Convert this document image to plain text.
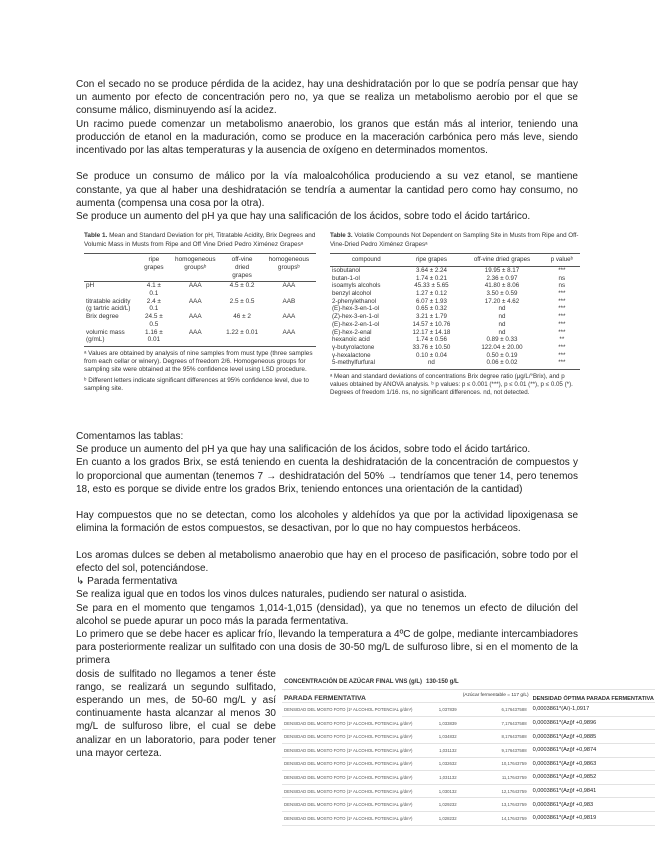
Con el secado no se produce pérdida de la acidez, hay una deshidratación por lo que se podría pensar que hay un aumento por efecto de concentración pero no, ya que se realiza un metabolismo aerobio por el que se consume málico, disminuyendo así la acidez.

Un racimo puede comenzar un metabolismo anaerobio, los granos que están más al interior, teniendo una producción de etanol en la maduración, como se produce en la maceración carbónica pero más leve, siendo incentivado por las altas temperaturas y la ausencia de oxígeno en determinados momentos.

Se produce un consumo de málico por la vía maloalcohólica produciendo a su vez etanol, se mantiene constante, ya que al haber una deshidratación se tendría a aumentar la cantidad pero como hay consumo, no aumenta (compensa una cosa por la otra).

Se produce un aumento del pH ya que hay una salificación de los ácidos, sobre todo el ácido tartárico.

Table 1. Mean and Standard Deviation for pH, Titratable Acidity, Brix Degrees and Volumic Mass in Musts from Ripe and Off Vine Dried Pedro Ximénez Grapesᵃ
	ripe grapes	homogeneous groupsᵇ	off-vine dried grapes	homogeneous groupsᵇ
pH	4.1 ± 0.1	AAA	4.5 ± 0.2	AAA
titratable acidity (g tartric acid/L)	2.4 ± 0.1	AAA	2.5 ± 0.5	AAB
Brix degree	24.5 ± 0.5	AAA	46 ± 2	AAA
volumic mass (g/mL)	1.16 ± 0.01	AAA	1.22 ± 0.01	AAA
ᵃ Values are obtained by analysis of nine samples from must type (three samples from each cellar or winery). Degrees of freedom 2/6. Homogeneous groups for sampling site were obtained at the 95% confidence level using LSD procedure.
ᵇ Different letters indicate significant differences at 95% confidence level, due to sampling site.
Table 3. Volatile Compounds Not Dependent on Sampling Site in Musts from Ripe and Off-Vine-Dried Pedro Ximénez Grapesᵃ
compound	ripe grapes	off-vine dried grapes	p valueᵇ
isobutanol	3.64 ± 2.24	19.95 ± 8.17	***
butan-1-ol	1.74 ± 0.21	2.36 ± 0.97	ns
isoamyls alcohols	45.33 ± 5.65	41.80 ± 8.06	ns
benzyl alcohol	1.27 ± 0.12	3.50 ± 0.59	***
2-phenylethanol	6.07 ± 1.93	17.20 ± 4.62	***
(E)-hex-3-en-1-ol	0.65 ± 0.32	nd	***
(Z)-hex-3-en-1-ol	3.21 ± 1.79	nd	***
(E)-hex-2-en-1-ol	14.57 ± 10.76	nd	***
(E)-hex-2-enal	12.17 ± 14.18	nd	***
hexanoic acid	1.74 ± 0.56	0.89 ± 0.33	**
γ-butyrolactone	33.76 ± 10.50	122.04 ± 20.00	***
γ-hexalactone	0.10 ± 0.04	0.50 ± 0.19	***
5-methylfurfural	nd	0.06 ± 0.02	***
ᵃ Mean and standard deviations of concentrations Brix degree ratio (μg/L/°Brix), and p values obtained by ANOVA analysis. ᵇ p values: p ≤ 0.001 (***), p ≤ 0.01 (**), p ≤ 0.05 (*). Degrees of freedom 1/16. ns, no significant differences. nd, not detected.

Comentamos las tablas:

Se produce un aumento del pH ya que hay una salificación de los ácidos, sobre todo el ácido tartárico.

En cuanto a los grados Brix, se está teniendo en cuenta la deshidratación de la concentración de compuestos y lo proporcional que aumentan (tenemos 7 → deshidratación del 50% → tendríamos que tener 14, pero tenemos 18, esto es porque se divide entre los grados Brix, teniendo entonces una orientación de la cantidad)

Hay compuestos que no se detectan, como los alcoholes y aldehídos ya que por la actividad lipoxigenasa se elimina la formación de estos compuestos, se desactivan, por lo que no hay compuestos herbáceos.

Los aromas dulces se deben al metabolismo anaerobio que hay en el proceso de pasificación, sobre todo por el efecto del sol, potenciándose.

↳ Parada fermentativa

Se realiza igual que en todos los vinos dulces naturales, pudiendo ser natural o asistida.

Se para en el momento que tengamos 1,014-1,015 (densidad), ya que no tenemos un efecto de dilución del alcohol se puede apurar un poco más la parada fermentativa.

Lo primero que se debe hacer es aplicar frío, llevando la temperatura a 4ºC de golpe, mediante intercambiadores para posteriormente realizar un sulfitado con una dosis de 30-50 mg/L de sulfuroso libre, si en el momento de la primera

dosis de sulfitado no llegamos a tener éste rango, se realizará un segundo sulfitado, esperando un mes, de 50-60 mg/L y así continuamente hasta alcanzar al menos 30 mg/L de sulfuroso libre, el cual se debe analizar en un laboratorio, para poder tener una mayor certeza.

CONCENTRACIÓN DE AZÚCAR FINAL VNS (g/L)	130-150 g/L		
PARADA FERMENTATIVA		(Azúcar fermentable = 117 g/L)	DENSIDAD ÓPTIMA PARADA FERMENTATIVA
DENSIDAD DEL MOSTO FOTO (1º ALCOHOL POTENCIAL g/dm³)	1,037839	6,176437588	0,0003861*(A/)-1,0917
DENSIDAD DEL MOSTO FOTO (1º ALCOHOL POTENCIAL g/dm³)	1,033839	7,176437588	0,0003861*(Azj)f +0,9896
DENSIDAD DEL MOSTO FOTO (1º ALCOHOL POTENCIAL g/dm³)	1,034832	8,176437588	0,0003861*(Azj)f +0,9885
DENSIDAD DEL MOSTO FOTO (1º ALCOHOL POTENCIAL g/dm³)	1,031132	9,176437588	0,0003861*(Azj)f +0,9874
DENSIDAD DEL MOSTO FOTO (1º ALCOHOL POTENCIAL g/dm³)	1,032632	10,17643759	0,0003861*(Azj)f +0,9863
DENSIDAD DEL MOSTO FOTO (1º ALCOHOL POTENCIAL g/dm³)	1,031132	11,17643759	0,0003861*(Azj)f +0,9852
DENSIDAD DEL MOSTO FOTO (1º ALCOHOL POTENCIAL g/dm³)	1,030132	12,17643759	0,0003861*(Azj)f +0,9841
DENSIDAD DEL MOSTO FOTO (1º ALCOHOL POTENCIAL g/dm³)	1,029232	13,17643759	0,0003861*(Azj)f +0,983
DENSIDAD DEL MOSTO FOTO (1º ALCOHOL POTENCIAL g/dm³)	1,028232	14,17643759	0,0003861*(Azj)f +0,9819
